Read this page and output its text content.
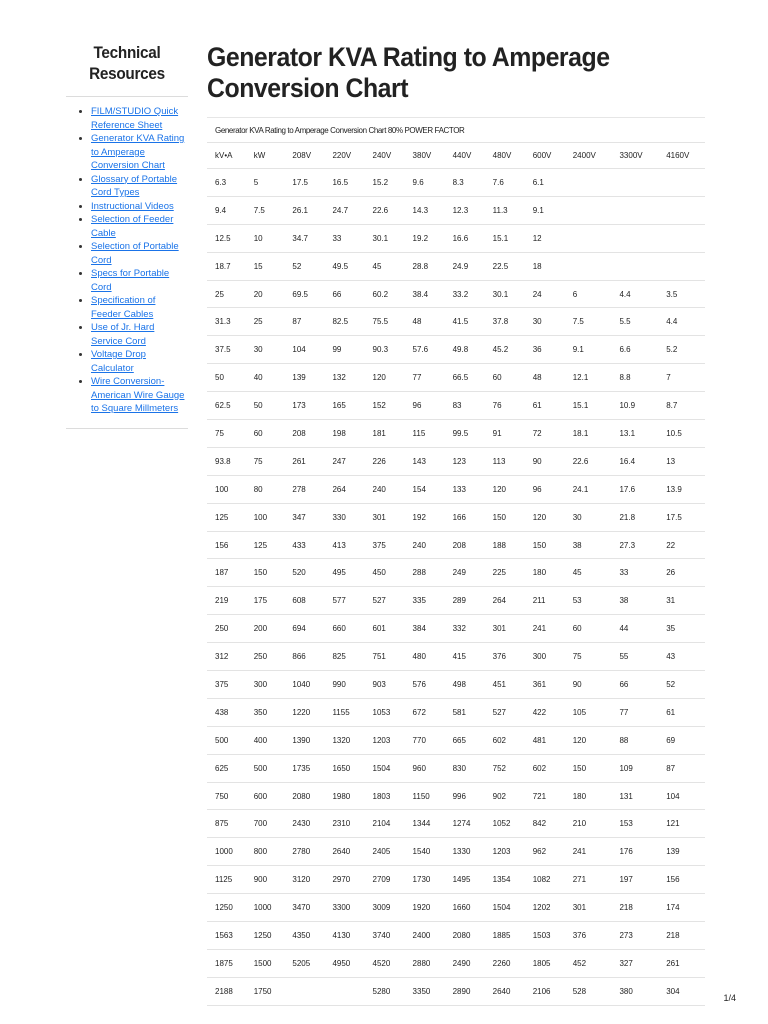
Technical Resources
• FILM/STUDIO Quick Reference Sheet
• Generator KVA Rating to Amperage Conversion Chart
• Glossary of Portable Cord Types
• Instructional Videos
• Selection of Feeder Cable
• Selection of Portable Cord
• Specs for Portable Cord
• Specification of Feeder Cables
• Use of Jr. Hard Service Cord
• Voltage Drop Calculator
• Wire Conversion- American Wire Gauge to Square Millmeters
Generator KVA Rating to Amperage Conversion Chart
Generator KVA Rating to Amperage Conversion Chart 80% POWER FACTOR
kV•A	kW	208V	220V	240V	380V	440V	480V	600V	2400V	3300V	4160V
6.3	5	17.5	16.5	15.2	9.6	8.3	7.6	6.1			
9.4	7.5	26.1	24.7	22.6	14.3	12.3	11.3	9.1			
12.5	10	34.7	33	30.1	19.2	16.6	15.1	12			
18.7	15	52	49.5	45	28.8	24.9	22.5	18			
25	20	69.5	66	60.2	38.4	33.2	30.1	24	6	4.4	3.5
31.3	25	87	82.5	75.5	48	41.5	37.8	30	7.5	5.5	4.4
37.5	30	104	99	90.3	57.6	49.8	45.2	36	9.1	6.6	5.2
50	40	139	132	120	77	66.5	60	48	12.1	8.8	7
62.5	50	173	165	152	96	83	76	61	15.1	10.9	8.7
75	60	208	198	181	115	99.5	91	72	18.1	13.1	10.5
93.8	75	261	247	226	143	123	113	90	22.6	16.4	13
100	80	278	264	240	154	133	120	96	24.1	17.6	13.9
125	100	347	330	301	192	166	150	120	30	21.8	17.5
156	125	433	413	375	240	208	188	150	38	27.3	22
187	150	520	495	450	288	249	225	180	45	33	26
219	175	608	577	527	335	289	264	211	53	38	31
250	200	694	660	601	384	332	301	241	60	44	35
312	250	866	825	751	480	415	376	300	75	55	43
375	300	1040	990	903	576	498	451	361	90	66	52
438	350	1220	1155	1053	672	581	527	422	105	77	61
500	400	1390	1320	1203	770	665	602	481	120	88	69
625	500	1735	1650	1504	960	830	752	602	150	109	87
750	600	2080	1980	1803	1150	996	902	721	180	131	104
875	700	2430	2310	2104	1344	1274	1052	842	210	153	121
1000	800	2780	2640	2405	1540	1330	1203	962	241	176	139
1125	900	3120	2970	2709	1730	1495	1354	1082	271	197	156
1250	1000	3470	3300	3009	1920	1660	1504	1202	301	218	174
1563	1250	4350	4130	3740	2400	2080	1885	1503	376	273	218
1875	1500	5205	4950	4520	2880	2490	2260	1805	452	327	261
2188	1750			5280	3350	2890	2640	2106	528	380	304
1/4
